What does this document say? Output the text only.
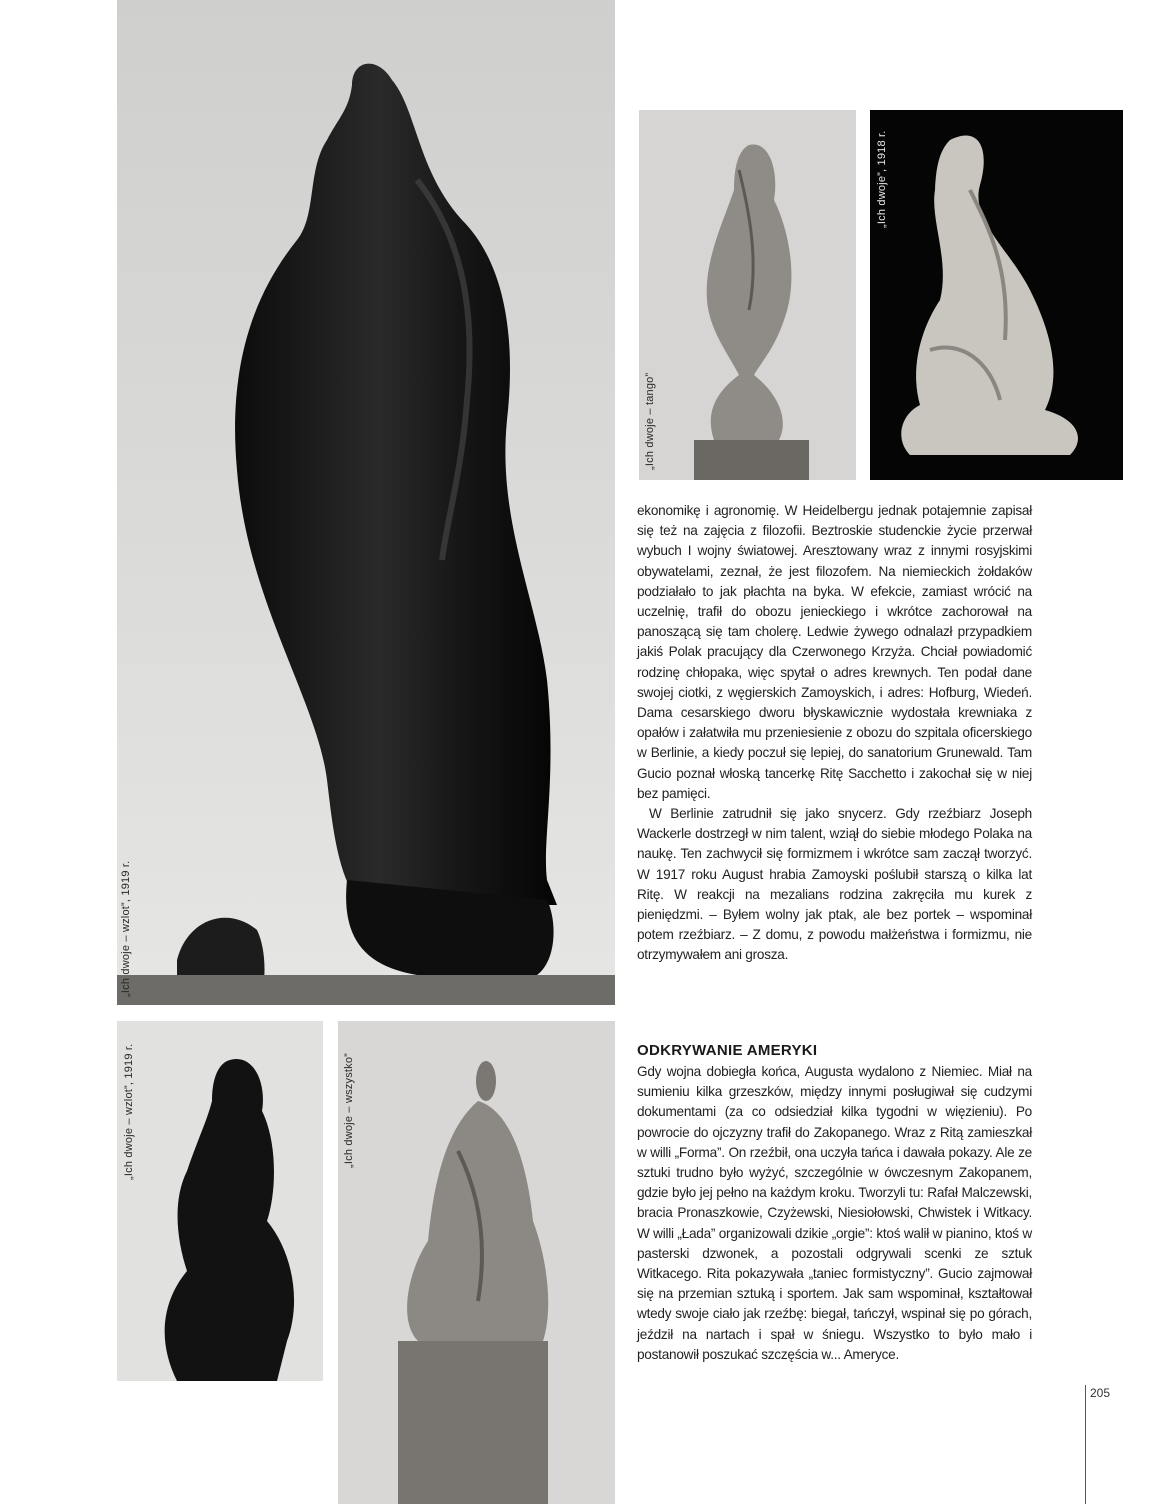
„Ich dwoje – wzlot”, 1919 r.
„Ich dwoje – tango”
„Ich dwoje”, 1918 r.
„Ich dwoje – wzlot”, 1919 r.	„Ich dwoje – wszystko”

ekonomikę i agronomię. W Heidelbergu jednak potajemnie zapisał się też na zajęcia z filozofii. Beztroskie studenckie życie przerwał wybuch I wojny światowej. Aresztowany wraz z innymi rosyjskimi obywatelami, zeznał, że jest filozofem. Na niemieckich żołdaków podziałało to jak płachta na byka. W efekcie, zamiast wrócić na uczelnię, trafił do obozu jenieckiego i wkrótce zachorował na panoszącą się tam cholerę. Ledwie żywego odnalazł przypadkiem jakiś Polak pracujący dla Czerwonego Krzyża. Chciał powiadomić rodzinę chłopaka, więc spytał o adres krewnych. Ten podał dane swojej ciotki, z węgierskich Zamoyskich, i adres: Hofburg, Wiedeń. Dama cesarskiego dworu błyskawicznie wydostała krewniaka z opałów i załatwiła mu przeniesienie z obozu do szpitala oficerskiego w Berlinie, a kiedy poczuł się lepiej, do sanatorium Grunewald. Tam Gucio poznał włoską tancerkę Ritę Sacchetto i zakochał się w niej bez pamięci.

W Berlinie zatrudnił się jako snycerz. Gdy rzeźbiarz Joseph Wackerle dostrzegł w nim talent, wziął do siebie młodego Polaka na naukę. Ten zachwycił się formizmem i wkrótce sam zaczął tworzyć. W 1917 roku August hrabia Zamoyski poślubił starszą o kilka lat Ritę. W reakcji na mezalians rodzina zakręciła mu kurek z pieniędzmi. – Byłem wolny jak ptak, ale bez portek – wspominał potem rzeźbiarz. – Z domu, z powodu małżeństwa i formizmu, nie otrzymywałem ani grosza.

ODKRYWANIE AMERYKI

Gdy wojna dobiegła końca, Augusta wydalono z Niemiec. Miał na sumieniu kilka grzeszków, między innymi posługiwał się cudzymi dokumentami (za co odsiedział kilka tygodni w więzieniu). Po powrocie do ojczyzny trafił do Zakopanego. Wraz z Ritą zamieszkał w willi „Forma”. On rzeźbił, ona uczyła tańca i dawała pokazy. Ale ze sztuki trudno było wyżyć, szczególnie w ówczesnym Zakopanem, gdzie było jej pełno na każdym kroku. Tworzyli tu: Rafał Malczewski, bracia Pronaszkowie, Czyżewski, Niesiołowski, Chwistek i Witkacy. W willi „Łada” organizowali dzikie „orgie”: ktoś walił w pianino, ktoś w pasterski dzwonek, a pozostali odgrywali scenki ze sztuk Witkacego. Rita pokazywała „taniec formistyczny”. Gucio zajmował się na przemian sztuką i sportem. Jak sam wspominał, kształtował wtedy swoje ciało jak rzeźbę: biegał, tańczył, wspinał się po górach, jeździł na nartach i spał w śniegu. Wszystko to było mało i postanowił poszukać szczęścia w... Ameryce.

205
